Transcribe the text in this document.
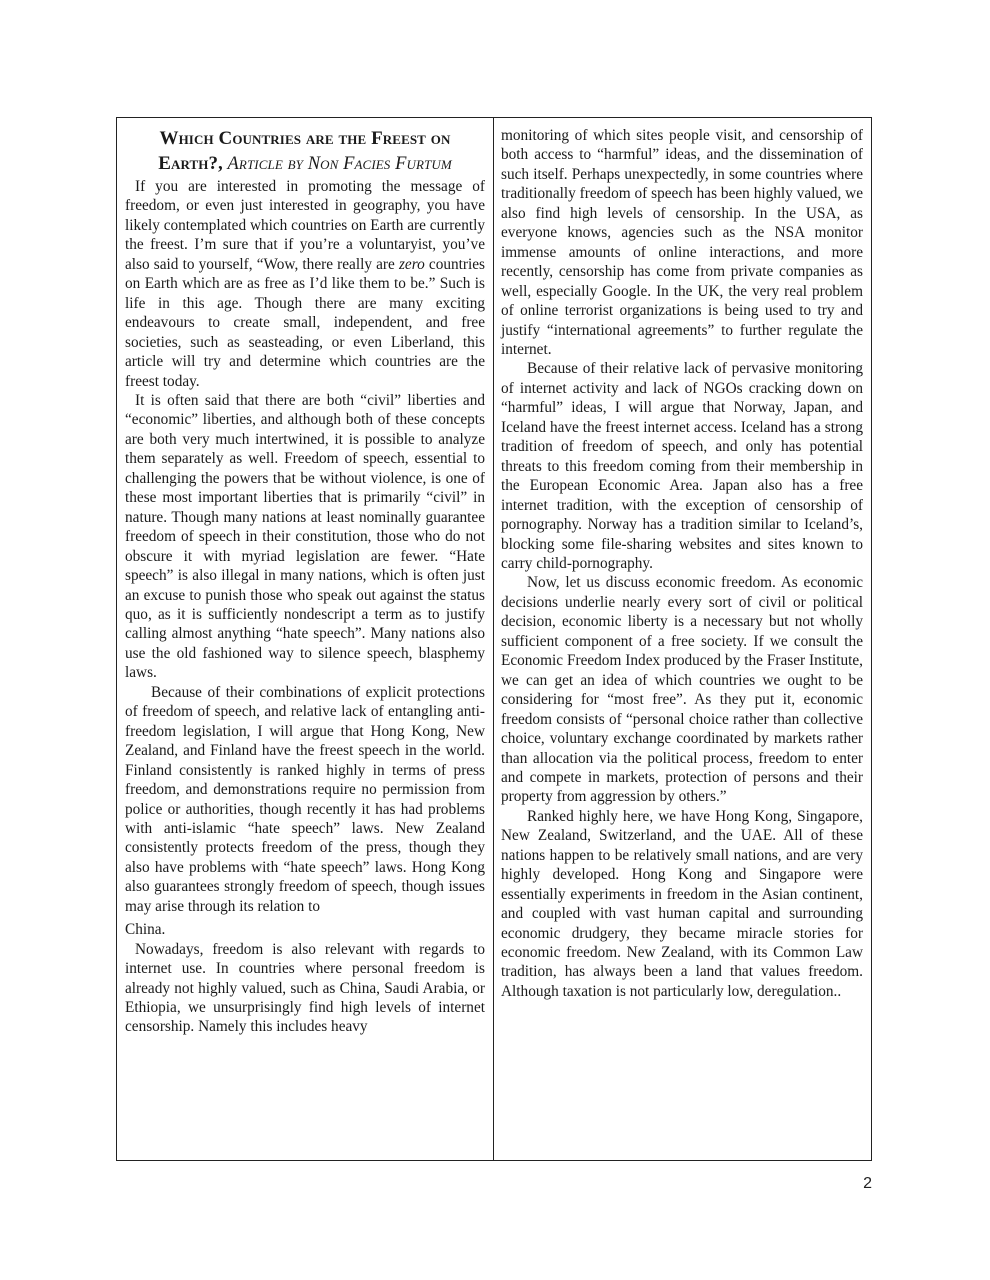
Which Countries are the Freest on Earth?, Article by Non Facies Furtum

If you are interested in promoting the message of freedom, or even just interested in geography, you have likely contemplated which countries on Earth are currently the freest. I’m sure that if you’re a voluntaryist, you’ve also said to yourself, “Wow, there really are zero countries on Earth which are as free as I’d like them to be.” Such is life in this age. Though there are many exciting endeavours to create small, independent, and free societies, such as seasteading, or even Liberland, this article will try and determine which countries are the freest today.

It is often said that there are both “civil” liberties and “economic” liberties, and although both of these concepts are both very much intertwined, it is possible to analyze them separately as well. Freedom of speech, essential to challenging the powers that be without violence, is one of these most important liberties that is primarily “civil” in nature. Though many nations at least nominally guarantee freedom of speech in their constitution, those who do not obscure it with myriad legislation are fewer. “Hate speech” is also illegal in many nations, which is often just an excuse to punish those who speak out against the status quo, as it is sufficiently nondescript a term as to justify calling almost anything “hate speech”. Many nations also use the old fashioned way to silence speech, blasphemy laws.

Because of their combinations of explicit protections of freedom of speech, and relative lack of entangling anti-freedom legislation, I will argue that Hong Kong, New Zealand, and Finland have the freest speech in the world. Finland consistently is ranked highly in terms of press freedom, and demonstrations require no permission from police or authorities, though recently it has had problems with anti-islamic “hate speech” laws. New Zealand consistently protects freedom of the press, though they also have problems with “hate speech” laws. Hong Kong also guarantees strongly freedom of speech, though issues may arise through its relation to

China.

Nowadays, freedom is also relevant with regards to internet use. In countries where personal freedom is already not highly valued, such as China, Saudi Arabia, or Ethiopia, we unsurprisingly find high levels of internet censorship. Namely this includes heavy

monitoring of which sites people visit, and censorship of both access to “harmful” ideas, and the dissemination of such itself. Perhaps unexpectedly, in some countries where traditionally freedom of speech has been highly valued, we also find high levels of censorship. In the USA, as everyone knows, agencies such as the NSA monitor immense amounts of online interactions, and more recently, censorship has come from private companies as well, especially Google. In the UK, the very real problem of online terrorist organizations is being used to try and justify “international agreements” to further regulate the internet.

Because of their relative lack of pervasive monitoring of internet activity and lack of NGOs cracking down on “harmful” ideas, I will argue that Norway, Japan, and Iceland have the freest internet access. Iceland has a strong tradition of freedom of speech, and only has potential threats to this freedom coming from their membership in the European Economic Area. Japan also has a free internet tradition, with the exception of censorship of pornography. Norway has a tradition similar to Iceland’s, blocking some file-sharing websites and sites known to carry child-pornography.

Now, let us discuss economic freedom. As economic decisions underlie nearly every sort of civil or political decision, economic liberty is a necessary but not wholly sufficient component of a free society. If we consult the Economic Freedom Index produced by the Fraser Institute, we can get an idea of which countries we ought to be considering for “most free”. As they put it, economic freedom consists of “personal choice rather than collective choice, voluntary exchange coordinated by markets rather than allocation via the political process, freedom to enter and compete in markets, protection of persons and their property from aggression by others.”

Ranked highly here, we have Hong Kong, Singapore, New Zealand, Switzerland, and the UAE. All of these nations happen to be relatively small nations, and are very highly developed. Hong Kong and Singapore were essentially experiments in freedom in the Asian continent, and coupled with vast human capital and surrounding economic drudgery, they became miracle stories for economic freedom. New Zealand, with its Common Law tradition, has always been a land that values freedom. Although taxation is not particularly low, deregulation..

2
